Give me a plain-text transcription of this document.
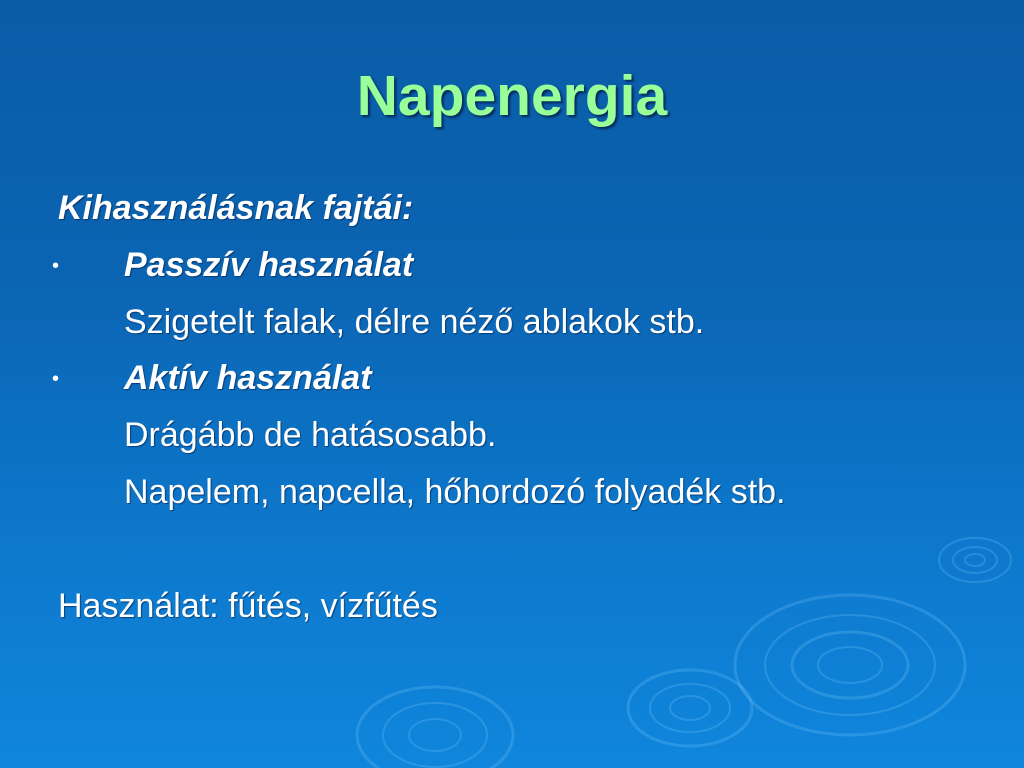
Napenergia
Kihasználásnak fajtái:
• Passzív használat
Szigetelt falak, délre néző ablakok stb.
• Aktív használat
Drágább de hatásosabb.
Napelem, napcella, hőhordozó folyadék stb.
Használat: fűtés, vízfűtés
